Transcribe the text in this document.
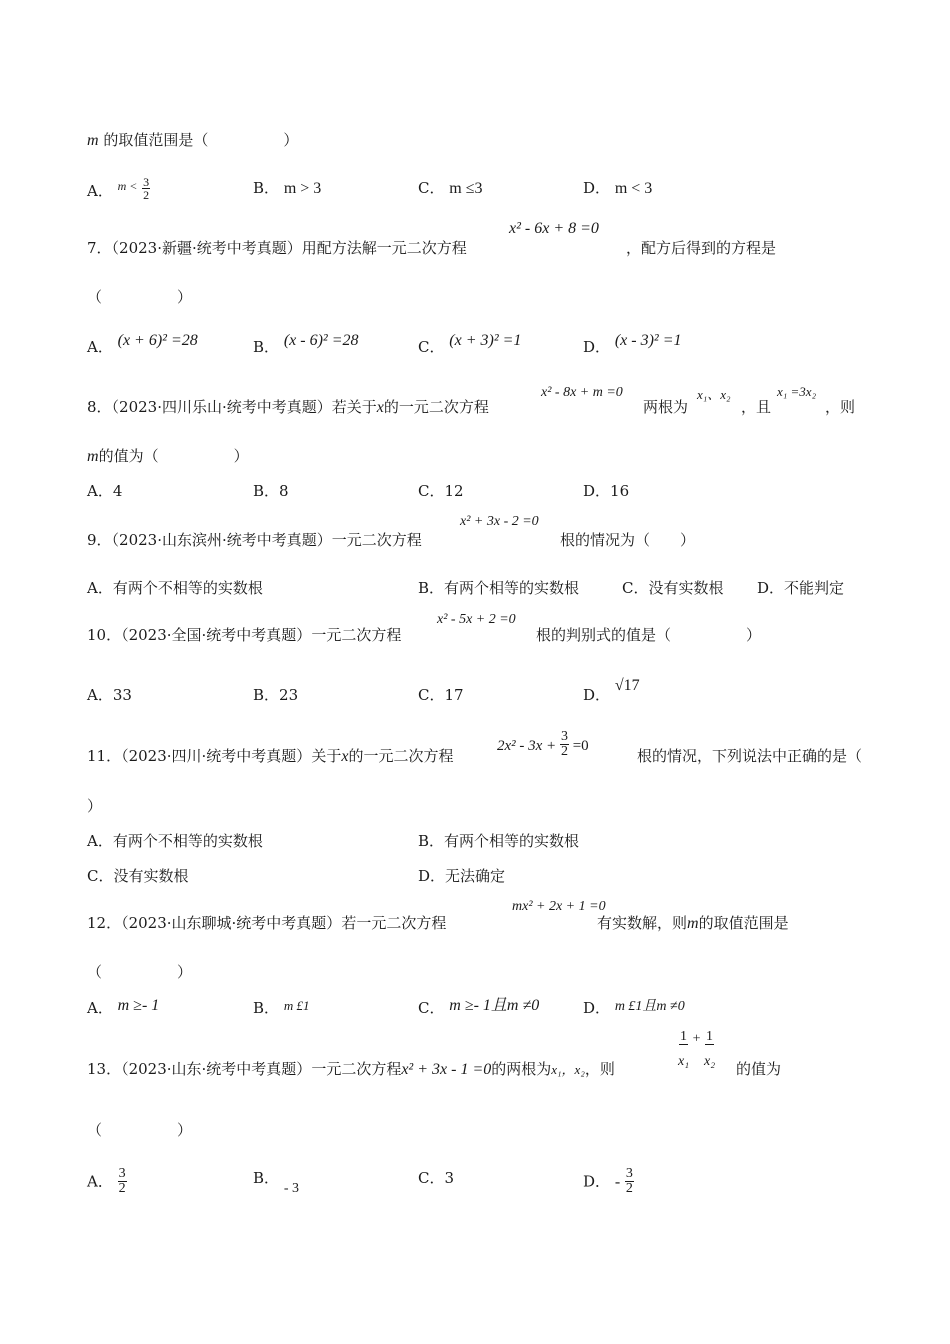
m 的取值范围是（　　　　　）
A． $^{m <} \frac{3}{2}$	B． m > 3	C． m ≤3	D． m < 3
7．（2023·新疆·统考中考真题）用配方法解一元二次方程
x² - 6x + 8 =0
，配方后得到的方程是
（　　　　　）
A． (x + 6)² =28	B． (x - 6)² =28	C． (x + 3)² =1	D． (x - 3)² =1
8．（2023·四川乐山·统考中考真题）若关于x的一元二次方程
x² - 8x + m =0
两根为
x₁、x₂
，且
x₁ =3x₂
，则
m的值为（　　　　　）
A．4	B．8	C．12	D．16
9．（2023·山东滨州·统考中考真题）一元二次方程
x² + 3x - 2 =0
根的情况为（　　）
A．有两个不相等的实数根	B．有两个相等的实数根	C．没有实数根 D．不能判定
10．（2023·全国·统考中考真题）一元二次方程
x² - 5x + 2 =0
根的判别式的值是（　　　　　）
A．33	B．23	C．17	D． √17
11．（2023·四川·统考中考真题）关于x的一元二次方程
$2x^2 - 3x + \frac{3}{2} =0$
根的情况，下列说法中正确的是（
）
A．有两个不相等的实数根	B．有两个相等的实数根
C．没有实数根	D．无法确定
12．（2023·山东聊城·统考中考真题）若一元二次方程
mx² + 2x + 1 =0
有实数解，则m的取值范围是
（　　　　　）
A． m ≥- 1	B． m £1	C． m ≥- 1且m ≠0	D． m £1且m ≠0
13．（2023·山东·统考中考真题）一元二次方程x² + 3x - 1 =0的两根为x₁，x₂，则	$\frac{1}{\text{x₁}} + \frac{1}{\text{x₂}}$ 的值为
（　　　　　）
A． $\frac{3}{2}$	B． - 3
C．3	D． - $\frac{3}{2}$
